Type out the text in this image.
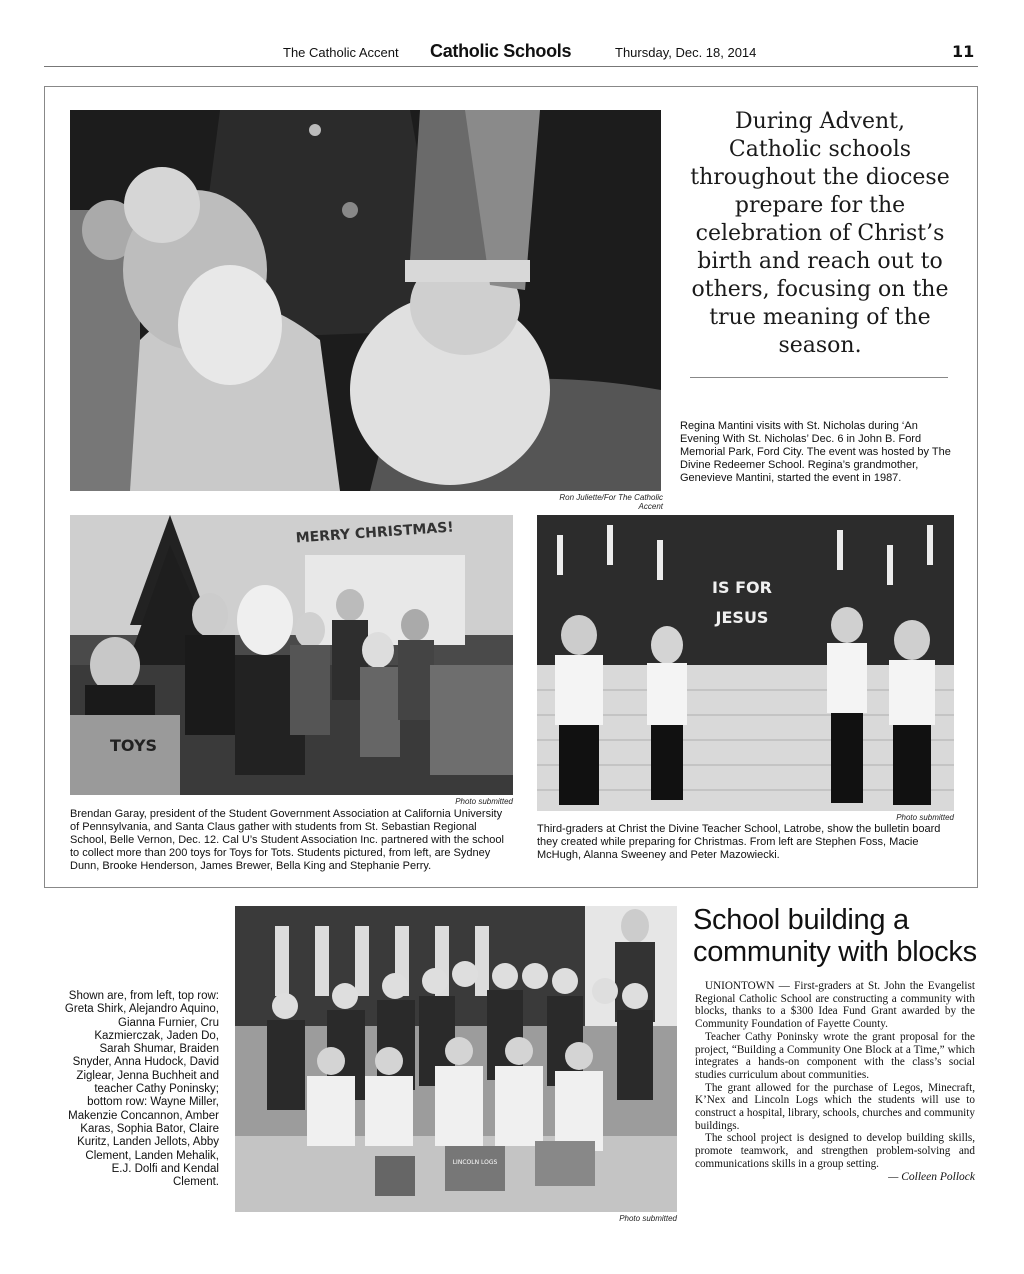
The Catholic Accent Catholic Schools	Thursday, Dec. 18, 2014	11
Ron Juliette/For The Catholic Accent
During Advent, Catholic schools throughout the diocese prepare for the celebration of Christ’s birth and reach out to others, focusing on the true meaning of the season.
Regina Mantini visits with St. Nicholas during ‘An Evening With St. Nicholas’ Dec. 6 in John B. Ford Memorial Park, Ford City. The event was hosted by The Divine Redeemer School. Regina’s grandmother, Genevieve Mantini, started the event in 1987.
MERRY CHRISTMAS!
TOYS
Photo submitted
Brendan Garay, president of the Student Government Association at California University of Pennsylvania, and Santa Claus gather with students from St. Sebastian Regional School, Belle Vernon, Dec. 12. Cal U’s Student Association Inc. partnered with the school to collect more than 200 toys for Toys for Tots. Students pictured, from left, are Sydney Dunn, Brooke Henderson, James Brewer, Bella King and Stephanie Perry.
IS FOR
JESUS
Photo submitted
Third-graders at Christ the Divine Teacher School, Latrobe, show the bulletin board they created while preparing for Christmas. From left are Stephen Foss, Macie McHugh, Alanna Sweeney and Peter Mazowiecki.
Shown are, from left, top row: Greta Shirk, Alejandro Aquino, Gianna Furnier, Cru Kazmierczak, Jaden Do, Sarah Shumar, Braiden Snyder, Anna Hudock, David Ziglear, Jenna Buchheit and teacher Cathy Poninsky; bottom row: Wayne Miller, Makenzie Concannon, Amber Karas, Sophia Bator, Claire Kuritz, Landen Jellots, Abby Clement, Landen Mehalik, E.J. Dolfi and Kendal Clement.
LINCOLN LOGS
Photo submitted
School building a community with blocks

UNIONTOWN — First-graders at St. John the Evangelist Regional Catholic School are constructing a community with blocks, thanks to a $300 Idea Fund Grant awarded by the Community Foundation of Fayette County.

Teacher Cathy Poninsky wrote the grant proposal for the project, “Building a Community One Block at a Time,” which integrates a hands-on component with the class’s social studies curriculum about communities.

The grant allowed for the purchase of Legos, Minecraft, K’Nex and Lincoln Logs which the students will use to construct a hospital, library, schools, churches and community buildings.

The school project is designed to develop building skills, promote teamwork, and strengthen problem-solving and communications skills in a group setting.

— Colleen Pollock
